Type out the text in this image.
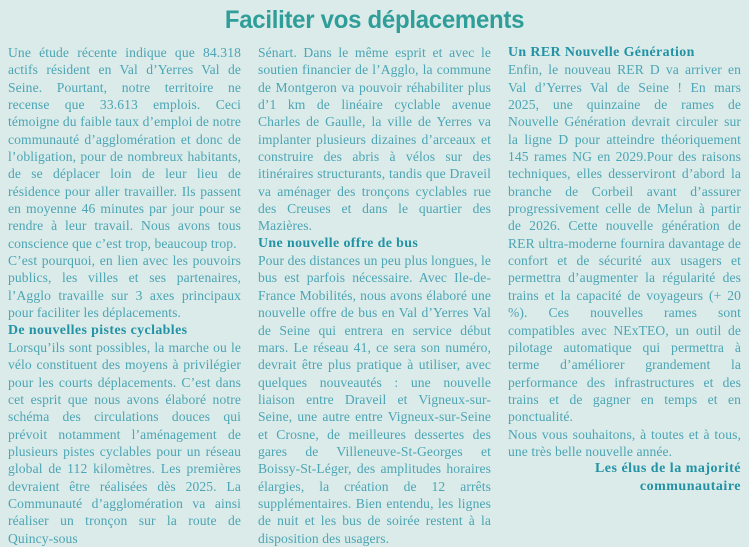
Faciliter vos déplacements

Une étude récente indique que 84.318 actifs résident en Val d’Yerres Val de Seine. Pourtant, notre territoire ne recense que 33.613 emplois. Ceci témoigne du faible taux d’emploi de notre communauté d’agglomération et donc de l’obligation, pour de nombreux habitants, de se déplacer loin de leur lieu de résidence pour aller travailler. Ils passent en moyenne 46 minutes par jour pour se rendre à leur travail. Nous avons tous conscience que c’est trop, beaucoup trop.

C’est pourquoi, en lien avec les pouvoirs publics, les villes et ses partenaires, l’Agglo travaille sur 3 axes principaux pour faciliter les déplacements.

De nouvelles pistes cyclables

Lorsqu’ils sont possibles, la marche ou le vélo constituent des moyens à privilégier pour les courts déplacements. C’est dans cet esprit que nous avons élaboré notre schéma des circulations douces qui prévoit notamment l’aménagement de plusieurs pistes cyclables pour un réseau global de 112 kilomètres. Les premières devraient être réalisées dès 2025. La Communauté d’agglomération va ainsi réaliser un tronçon sur la route de Quincy-sous

Sénart. Dans le même esprit et avec le soutien financier de l’Agglo, la commune de Montgeron va pouvoir réhabiliter plus d’1 km de linéaire cyclable avenue Charles de Gaulle, la ville de Yerres va implanter plusieurs dizaines d’arceaux et construire des abris à vélos sur des itinéraires structurants, tandis que Draveil va aménager des tronçons cyclables rue des Creuses et dans le quartier des Mazières.

Une nouvelle offre de bus

Pour des distances un peu plus longues, le bus est parfois nécessaire. Avec Ile-de-France Mobilités, nous avons élaboré une nouvelle offre de bus en Val d’Yerres Val de Seine qui entrera en service début mars. Le réseau 41, ce sera son numéro, devrait être plus pratique à utiliser, avec quelques nouveautés : une nouvelle liaison entre Draveil et Vigneux-sur-Seine, une autre entre Vigneux-sur-Seine et Crosne, de meilleures dessertes des gares de Villeneuve-St-Georges et Boissy-St-Léger, des amplitudes horaires élargies, la création de 12 arrêts supplémentaires. Bien entendu, les lignes de nuit et les bus de soirée restent à la disposition des usagers.

Un RER Nouvelle Génération

Enfin, le nouveau RER D va arriver en Val d’Yerres Val de Seine ! En mars 2025, une quinzaine de rames de Nouvelle Génération devrait circuler sur la ligne D pour atteindre théoriquement 145 rames NG en 2029.Pour des raisons techniques, elles desserviront d’abord la branche de Corbeil avant d’assurer progressivement celle de Melun à partir de 2026. Cette nouvelle génération de RER ultra-moderne fournira davantage de confort et de sécurité aux usagers et permettra d’augmenter la régularité des trains et la capacité de voyageurs (+ 20 %). Ces nouvelles rames sont compatibles avec NExTEO, un outil de pilotage automatique qui permettra à terme d’améliorer grandement la performance des infrastructures et des trains et de gagner en temps et en ponctualité.

Nous vous souhaitons, à toutes et à tous, une très belle nouvelle année.

Les élus de la majorité communautaire
